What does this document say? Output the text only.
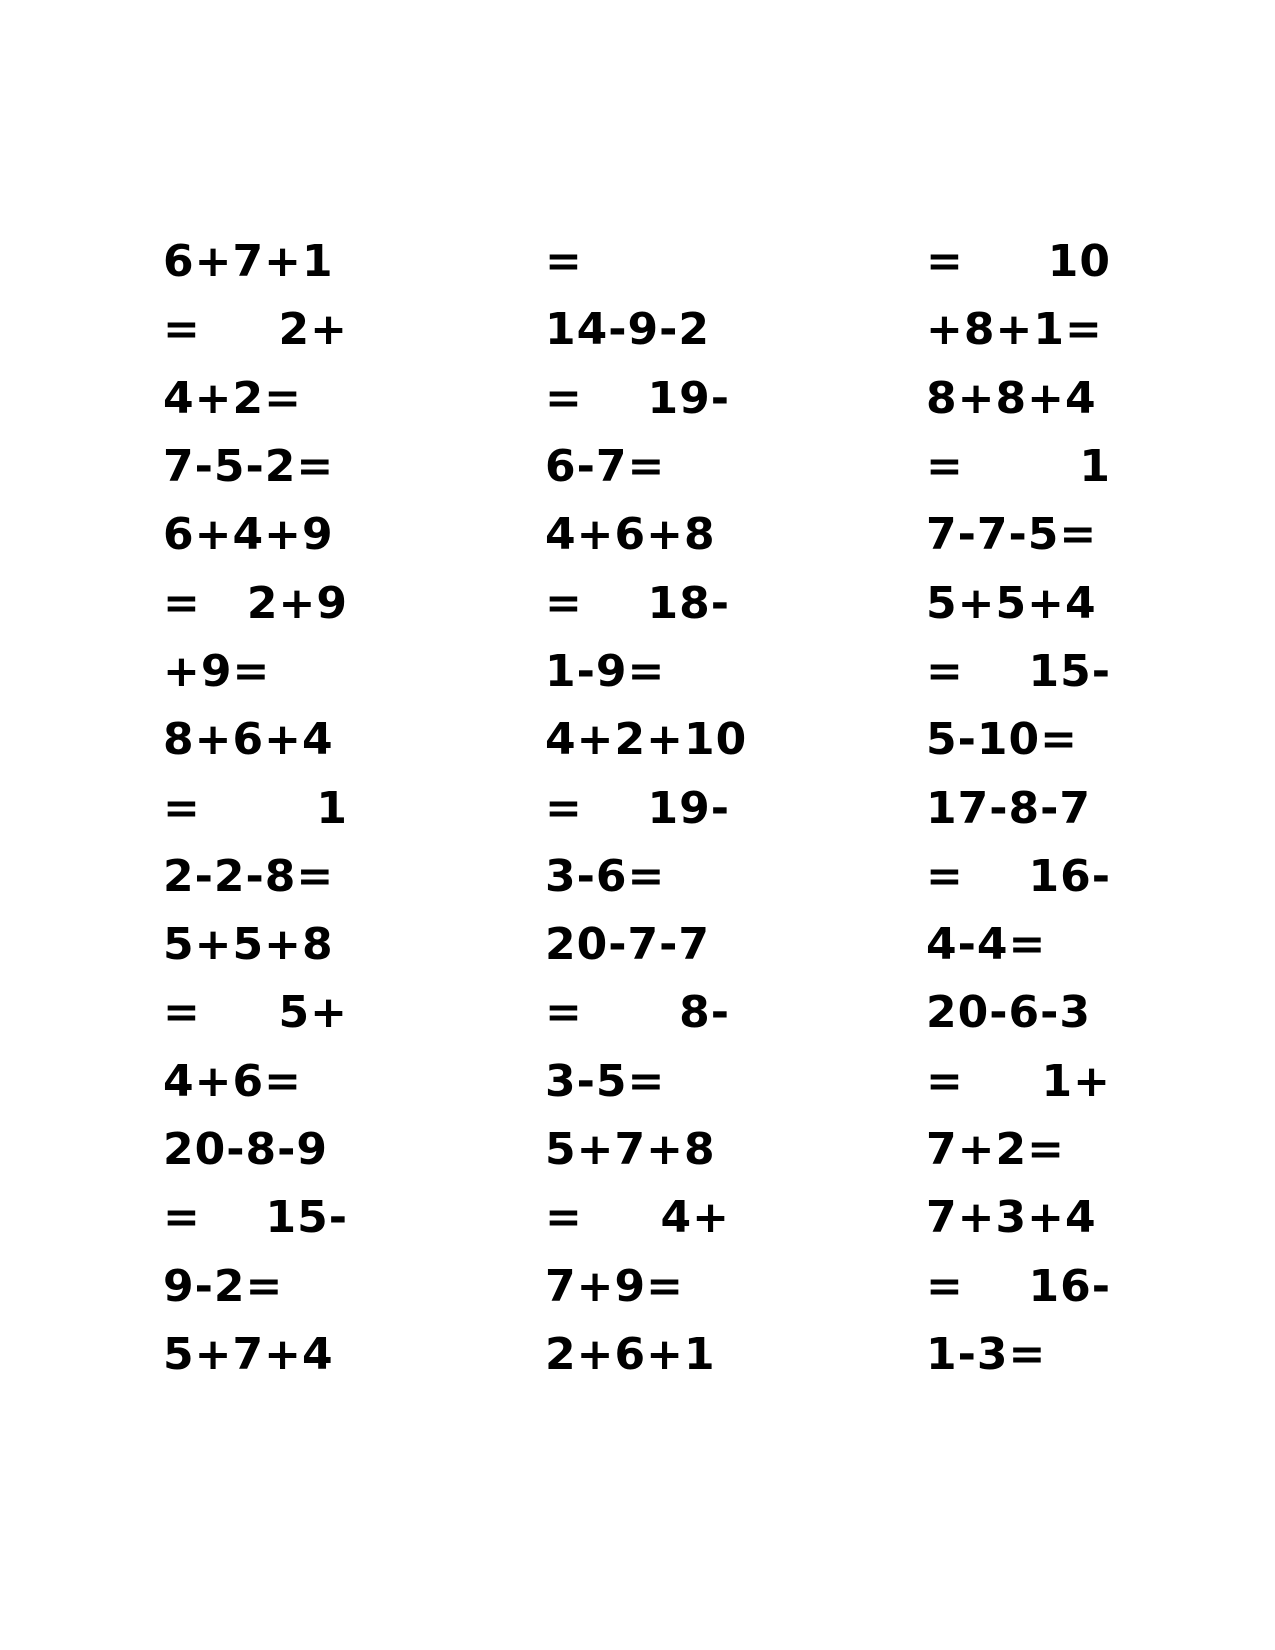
6+7+1
= 2+
4+2=
7-5-2=
6+4+9
= 2+9
+9=
8+6+4
=	1
2-2-8=
5+5+8
= 5+
4+6=
20-8-9
= 15-
9-2=
5+7+4
=
14-9-2
= 19-
6-7=
4+6+8
= 18-
1-9=
4+2+10
= 19-
3-6=
20-7-7
= 8-
3-5=
5+7+8
= 4+
7+9=
2+6+1
= 10
+8+1=
8+8+4
=	1
7-7-5=
5+5+4
= 15-
5-10=
17-8-7
= 16-
4-4=
20-6-3
= 1+
7+2=
7+3+4
= 16-
1-3=
